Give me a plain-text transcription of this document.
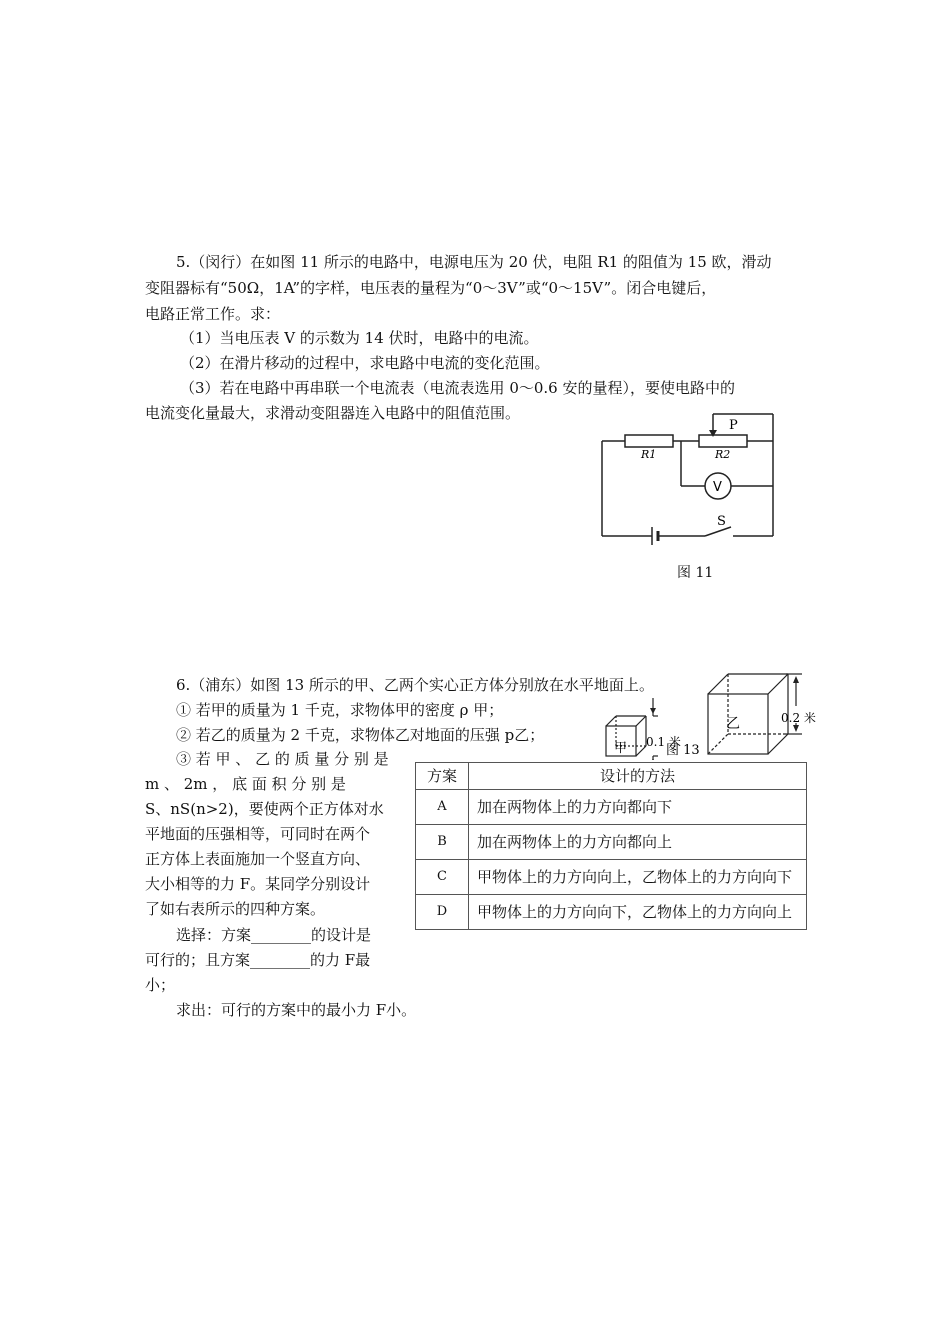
5.（闵行）在如图 11 所示的电路中，电源电压为 20 伏，电阻 R1 的阻值为 15 欧，滑动
变阻器标有“50Ω，1A”的字样，电压表的量程为“0～3V”或“0～15V”。闭合电键后，
电路正常工作。求：
（1）当电压表 V 的示数为 14 伏时，电路中的电流。
（2）在滑片移动的过程中，求电路中电流的变化范围。
（3）若在电路中再串联一个电流表（电流表选用 0～0.6 安的量程），要使电路中的
电流变化量最大，求滑动变阻器连入电路中的阻值范围。
P
R1	R2
V
S
图 11
6.（浦东）如图 13 所示的甲、乙两个实心正方体分别放在水平地面上。
① 若甲的质量为 1 千克，求物体甲的密度 ρ 甲；
② 若乙的质量为 2 千克，求物体乙对地面的压强 p乙；
③ 若 甲 、 乙 的 质 量 分 别 是
m 、 2m ， 底 面 积 分 别 是
S、nS(n>2)，要使两个正方体对水
平地面的压强相等，可同时在两个
正方体上表面施加一个竖直方向、
大小相等的力 F。某同学分别设计
了如右表所示的四种方案。
选择：方案________的设计是
可行的；且方案________的力 F最
小；
求出：可行的方案中的最小力 F小。
甲
乙
0.1 米
0.2 米
图 13
方案	设计的方法
A	加在两物体上的力方向都向下
B	加在两物体上的力方向都向上
C	甲物体上的力方向向上，乙物体上的力方向向下
D	甲物体上的力方向向下，乙物体上的力方向向上
